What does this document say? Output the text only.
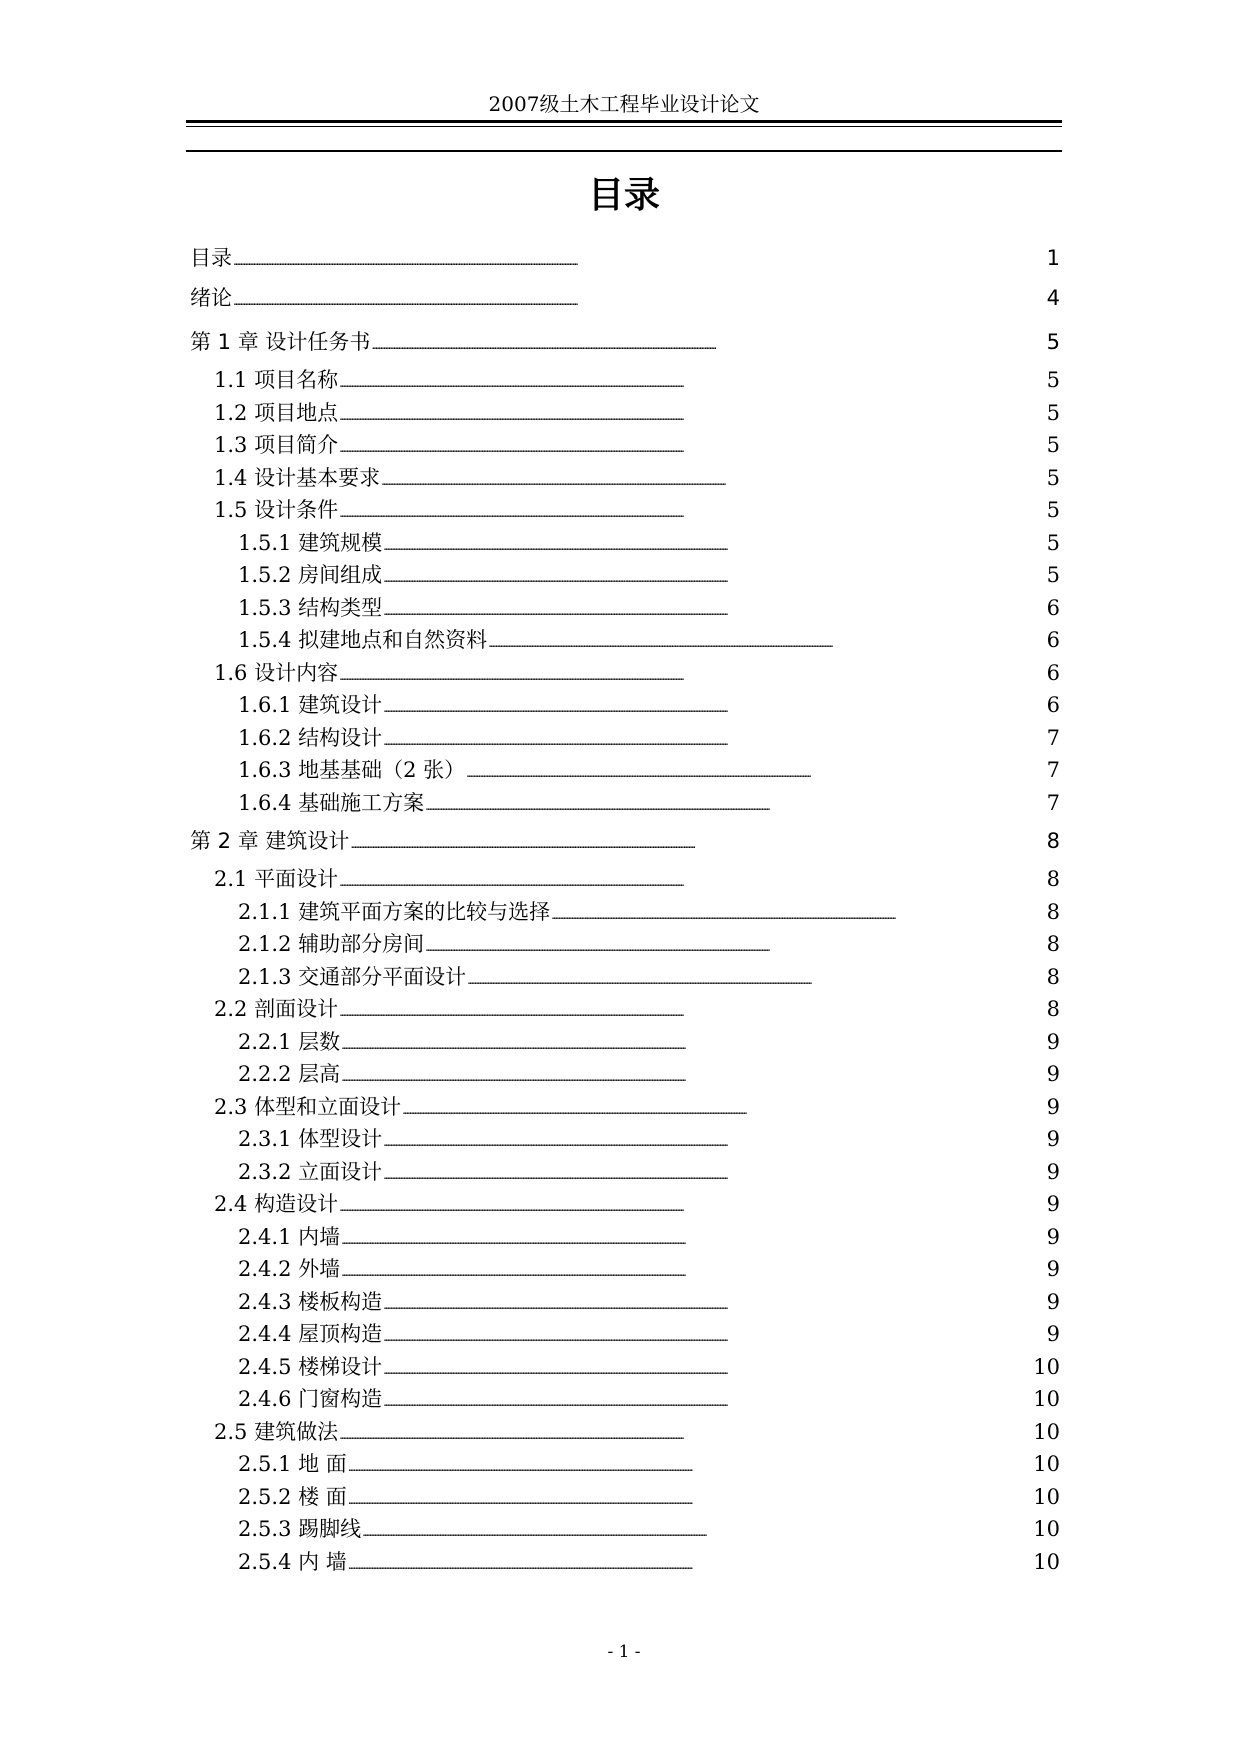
2007级土木工程毕业设计论文
目录
目录 . . .	1
绪论 . . .	4
第 1 章 设计任务书 . . .	5
1.1 项目名称 . . .	5
1.2 项目地点 . . .	5
1.3 项目简介 . . .	5
1.4 设计基本要求 . . .	5
1.5 设计条件 . . .	5
1.5.1 建筑规模 . . .	5
1.5.2 房间组成 . . .	5
1.5.3 结构类型 . . .	6
1.5.4 拟建地点和自然资料 . . .	6
1.6 设计内容 . . .	6
1.6.1 建筑设计 . . .	6
1.6.2 结构设计 . . .	7
1.6.3 地基基础（2 张） . . .	7
1.6.4 基础施工方案 . . .	7
第 2 章 建筑设计 . . .	8
2.1 平面设计 . . .	8
2.1.1 建筑平面方案的比较与选择 . . .	8
2.1.2 辅助部分房间 . . .	8
2.1.3 交通部分平面设计 . . .	8
2.2 剖面设计 . . .	8
2.2.1 层数 . . .	9
2.2.2 层高 . . .	9
2.3 体型和立面设计 . . .	9
2.3.1 体型设计 . . .	9
2.3.2 立面设计 . . .	9
2.4 构造设计 . . .	9
2.4.1 内墙 . . .	9
2.4.2 外墙 . . .	9
2.4.3 楼板构造 . . .	9
2.4.4 屋顶构造 . . .	9
2.4.5 楼梯设计 . . .	10
2.4.6 门窗构造 . . .	10
2.5 建筑做法 . . .	10
2.5.1 地 面 . . .	10
2.5.2 楼 面 . . .	10
2.5.3 踢脚线 . . .	10
2.5.4 内 墙 . . .	10
- 1 -
